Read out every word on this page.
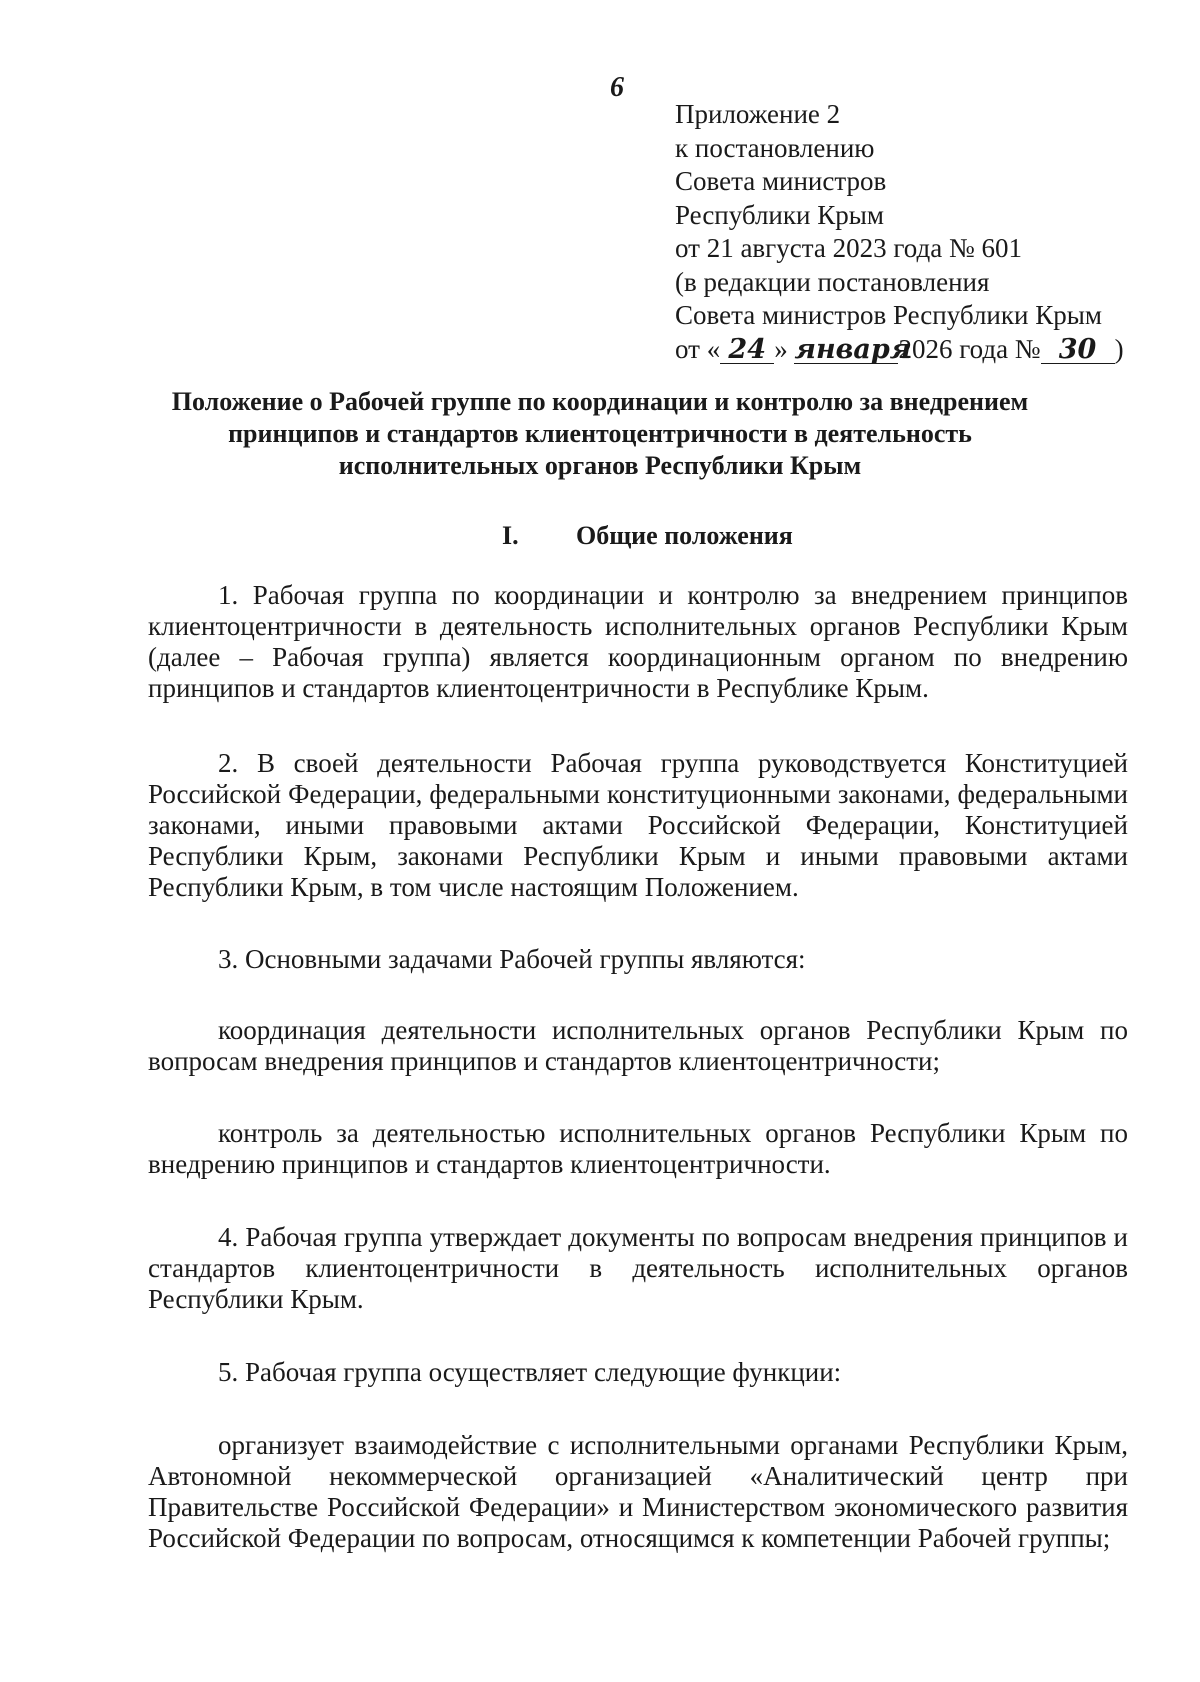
6
Приложение 2
к постановлению
Совета министров
Республики Крым
от 21 августа 2023 года № 601
(в редакции постановления
Совета министров Республики Крым
от « 24 » января2026 года № 30 )
Положение о Рабочей группе по координации и контролю за внедрением
принципов и стандартов клиентоцентричности в деятельность
исполнительных органов Республики Крым
I. Общие положения

1. Рабочая группа по координации и контролю за внедрением принципов клиентоцентричности в деятельность исполнительных органов Республики Крым (далее – Рабочая группа) является координационным органом по внедрению принципов и стандартов клиентоцентричности в Республике Крым.

2. В своей деятельности Рабочая группа руководствуется Конституцией Российской Федерации, федеральными конституционными законами, федеральными законами, иными правовыми актами Российской Федерации, Конституцией Республики Крым, законами Республики Крым и иными правовыми актами Республики Крым, в том числе настоящим Положением.

3. Основными задачами Рабочей группы являются:

координация деятельности исполнительных органов Республики Крым по вопросам внедрения принципов и стандартов клиентоцентричности;

контроль за деятельностью исполнительных органов Республики Крым по внедрению принципов и стандартов клиентоцентричности.

4. Рабочая группа утверждает документы по вопросам внедрения принципов и стандартов клиентоцентричности в деятельность исполнительных органов Республики Крым.

5. Рабочая группа осуществляет следующие функции:

организует взаимодействие с исполнительными органами Республики Крым, Автономной некоммерческой организацией «Аналитический центр при Правительстве Российской Федерации» и Министерством экономического развития Российской Федерации по вопросам, относящимся к компетенции Рабочей группы;
